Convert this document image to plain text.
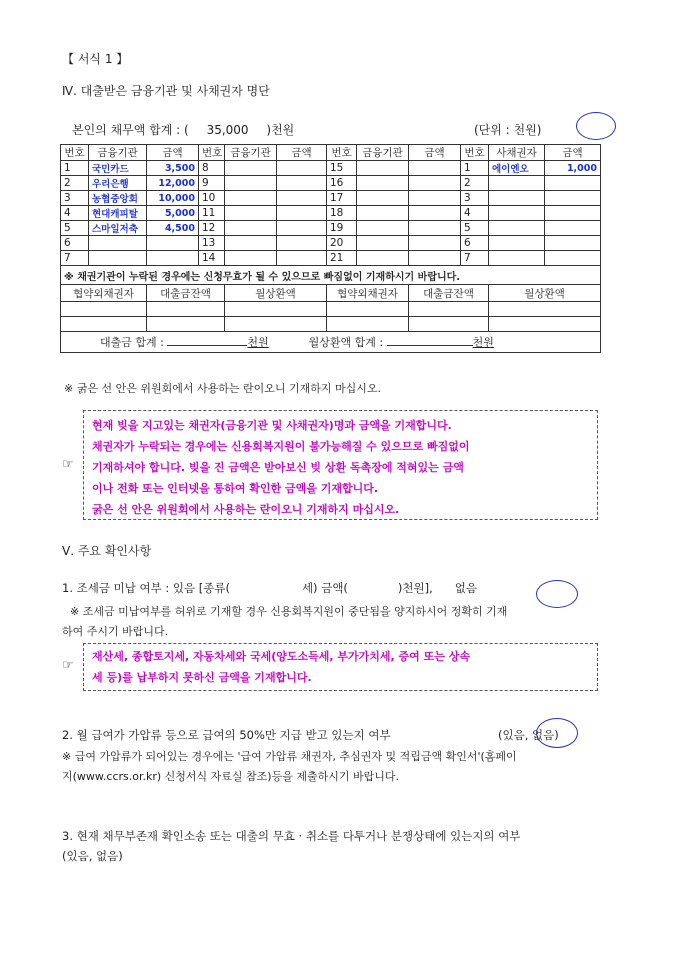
【 서식 1 】
Ⅳ. 대출받은 금융기관 및 사채권자 명단
본인의 채무액 합계 : ( 35,000 )천원	(단위 : 천원)
번호	금융기관	금액	번호	금융기관	금액	번호	금융기관	금액	번호	사채권자	금액
1	국민카드	3,500	8			15			1	에이엔오	1,000
2	우리은행	12,000	9			16			2		
3	농협중앙회	10,000	10			17			3		
4	현대캐피탈	5,000	11			18			4		
5	스마일저축	4,500	12			19			5		
6			13			20			6		
7			14			21			7		
※ 채권기관이 누락된 경우에는 신청무효가 될 수 있으므로 빠짐없이 기재하시기 바랍니다.											
협약외채권자		대출금잔액		월상환액		협약외채권자		대출금잔액		월상환액	

대출금 합계 : 천원 월상환액 합계 : 천원											
※ 굵은 선 안은 위원회에서 사용하는 란이오니 기재하지 마십시오.
☞
현재 빚을 지고있는 채권자(금융기관 및 사채권자)명과 금액을 기재합니다.
채권자가 누락되는 경우에는 신용회복지원이 불가능해질 수 있으므로 빠짐없이
기재하셔야 합니다. 빚을 진 금액은 받아보신 빚 상환 독촉장에 적혀있는 금액
이나 전화 또는 인터넷을 통하여 확인한 금액을 기재합니다.
굵은 선 안은 위원회에서 사용하는 란이오니 기재하지 마십시오.
Ⅴ. 주요 확인사항
1. 조세금 미납 여부 : 있음 [종류(	세) 금액(	)천원], 없음
※ 조세금 미납여부를 허위로 기재할 경우 신용회복지원이 중단됨을 양지하시어 정확히 기재
하여 주시기 바랍니다.
☞
재산세, 종합토지세, 자동차세와 국세(양도소득세, 부가가치세, 증여 또는 상속
세 등)를 납부하지 못하신 금액을 기재합니다.
2. 월 급여가 가압류 등으로 급여의 50%만 지급 받고 있는지 여부	(있음, 없음)
※ 급여 가압류가 되어있는 경우에는 '급여 가압류 채권자, 추심권자 및 적립금액 확인서'(홈페이
지(www.ccrs.or.kr) 신청서식 자료실 참조)등을 제출하시기 바랍니다.
3. 현재 채무부존재 확인소송 또는 대출의 무효 · 취소를 다투거나 분쟁상태에 있는지의 여부
(있음, 없음)
